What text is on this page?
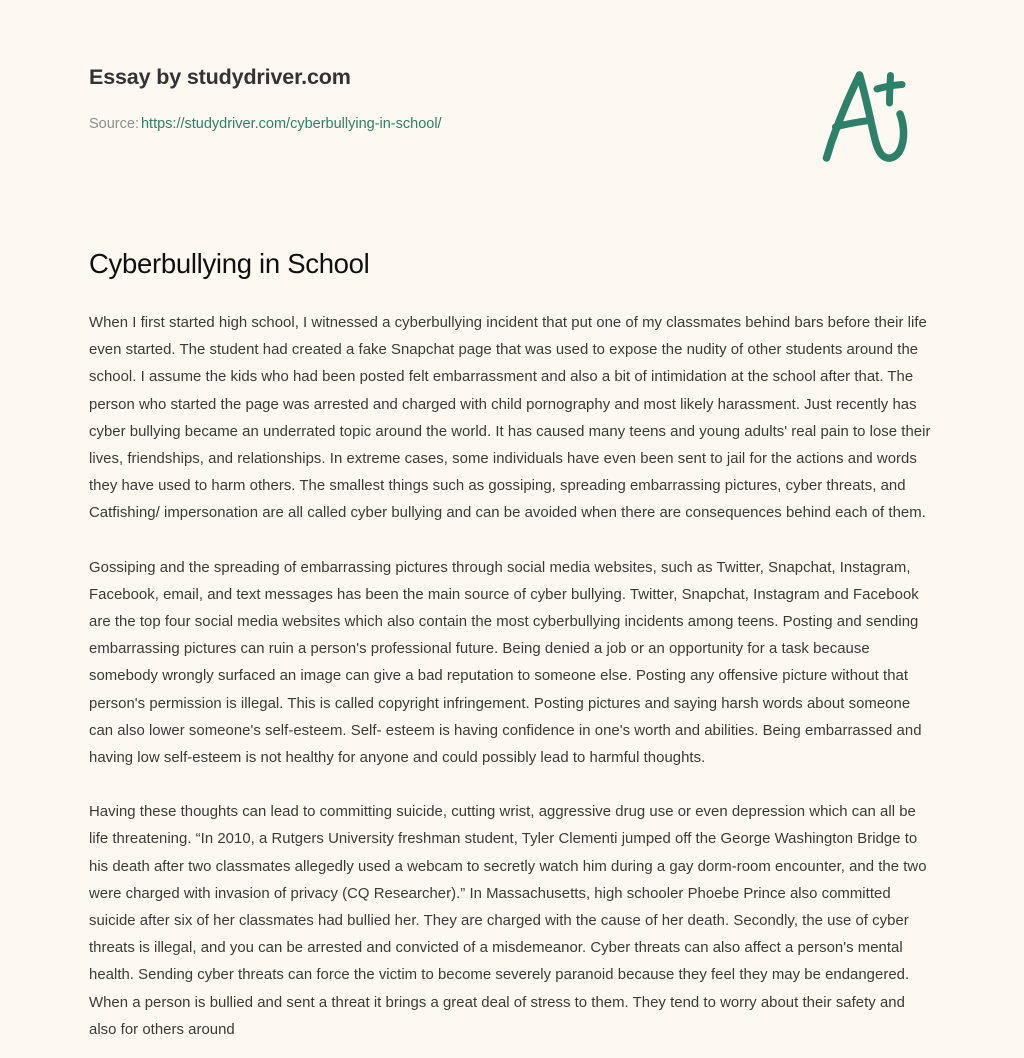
Essay by studydriver.com
Source: https://studydriver.com/cyberbullying-in-school/
Cyberbullying in School

When I first started high school, I witnessed a cyberbullying incident that put one of my classmates behind bars before their life even started. The student had created a fake Snapchat page that was used to expose the nudity of other students around the school. I assume the kids who had been posted felt embarrassment and also a bit of intimidation at the school after that. The person who started the page was arrested and charged with child pornography and most likely harassment. Just recently has cyber bullying became an underrated topic around the world. It has caused many teens and young adults' real pain to lose their lives, friendships, and relationships. In extreme cases, some individuals have even been sent to jail for the actions and words they have used to harm others. The smallest things such as gossiping, spreading embarrassing pictures, cyber threats, and Catfishing/ impersonation are all called cyber bullying and can be avoided when there are consequences behind each of them.

Gossiping and the spreading of embarrassing pictures through social media websites, such as Twitter, Snapchat, Instagram, Facebook, email, and text messages has been the main source of cyber bullying. Twitter, Snapchat, Instagram and Facebook are the top four social media websites which also contain the most cyberbullying incidents among teens. Posting and sending embarrassing pictures can ruin a person's professional future. Being denied a job or an opportunity for a task because somebody wrongly surfaced an image can give a bad reputation to someone else. Posting any offensive picture without that person's permission is illegal. This is called copyright infringement. Posting pictures and saying harsh words about someone can also lower someone's self-esteem. Self- esteem is having confidence in one's worth and abilities. Being embarrassed and having low self-esteem is not healthy for anyone and could possibly lead to harmful thoughts.

Having these thoughts can lead to committing suicide, cutting wrist, aggressive drug use or even depression which can all be life threatening. “In 2010, a Rutgers University freshman student, Tyler Clementi jumped off the George Washington Bridge to his death after two classmates allegedly used a webcam to secretly watch him during a gay dorm-room encounter, and the two were charged with invasion of privacy (CQ Researcher).” In Massachusetts, high schooler Phoebe Prince also committed suicide after six of her classmates had bullied her. They are charged with the cause of her death. Secondly, the use of cyber threats is illegal, and you can be arrested and convicted of a misdemeanor. Cyber threats can also affect a person's mental health. Sending cyber threats can force the victim to become severely paranoid because they feel they may be endangered. When a person is bullied and sent a threat it brings a great deal of stress to them. They tend to worry about their safety and also for others around
